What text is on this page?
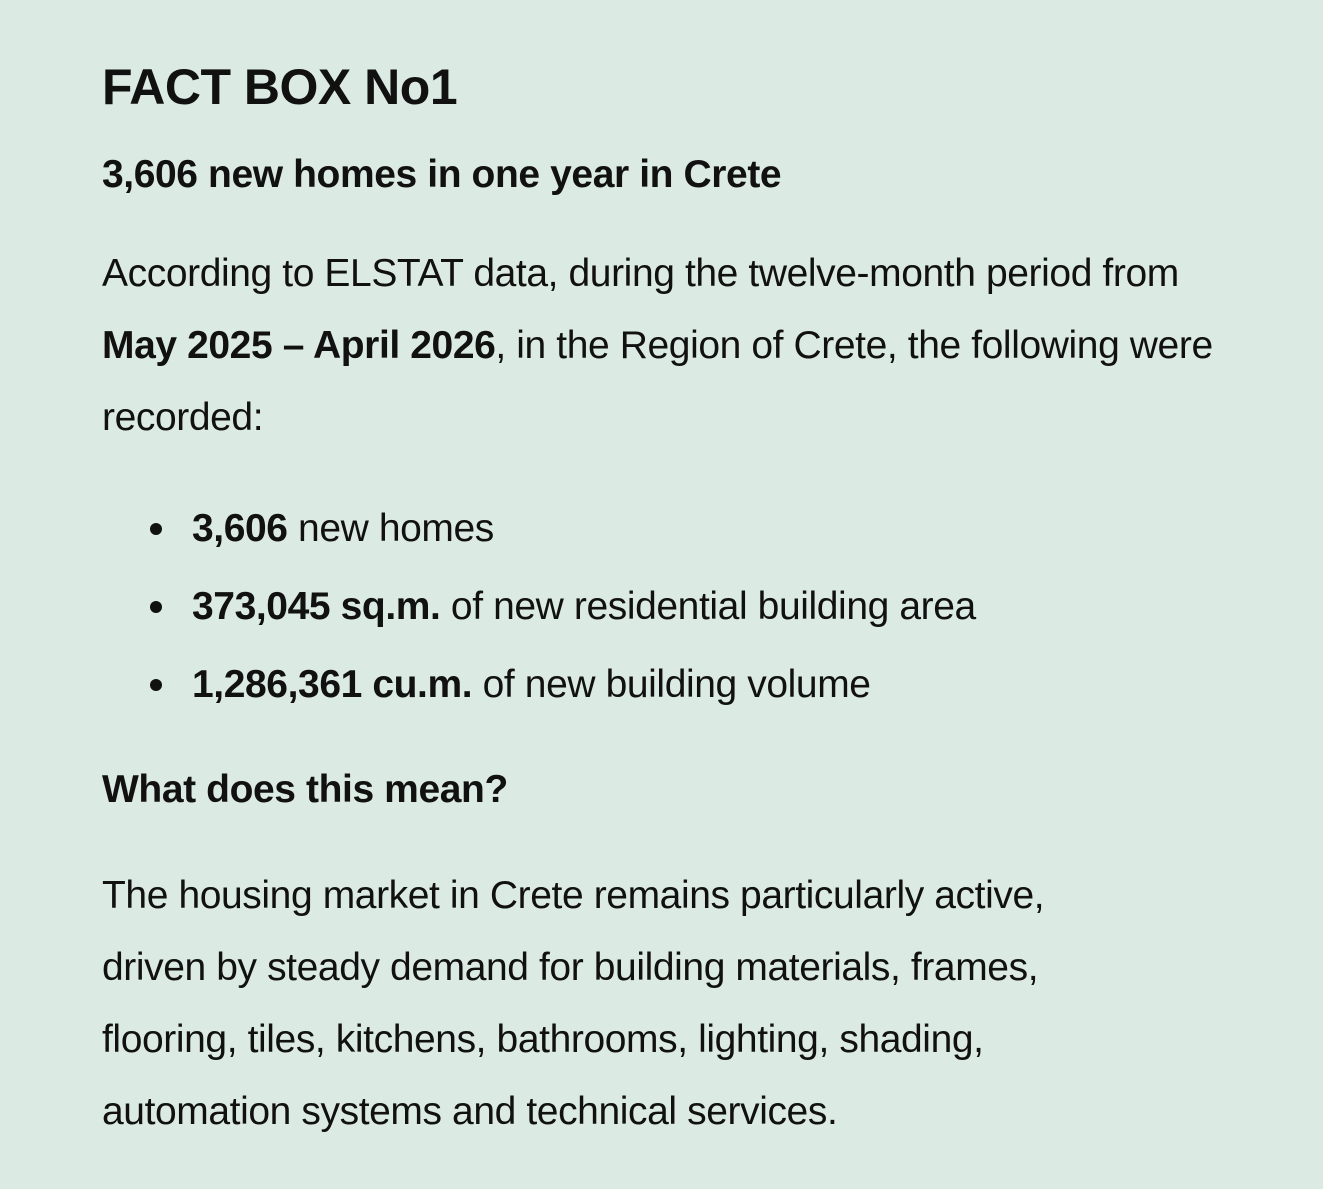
FACT BOX No1
3,606 new homes in one year in Crete

According to ELSTAT data, during the twelve-month period from May 2025 – April 2026, in the Region of Crete, the following were recorded:

3,606 new homes
373,045 sq.m. of new residential building area
1,286,361 cu.m. of new building volume
What does this mean?

The housing market in Crete remains particularly active, driven by steady demand for building materials, frames, flooring, tiles, kitchens, bathrooms, lighting, shading, automation systems and technical services.
